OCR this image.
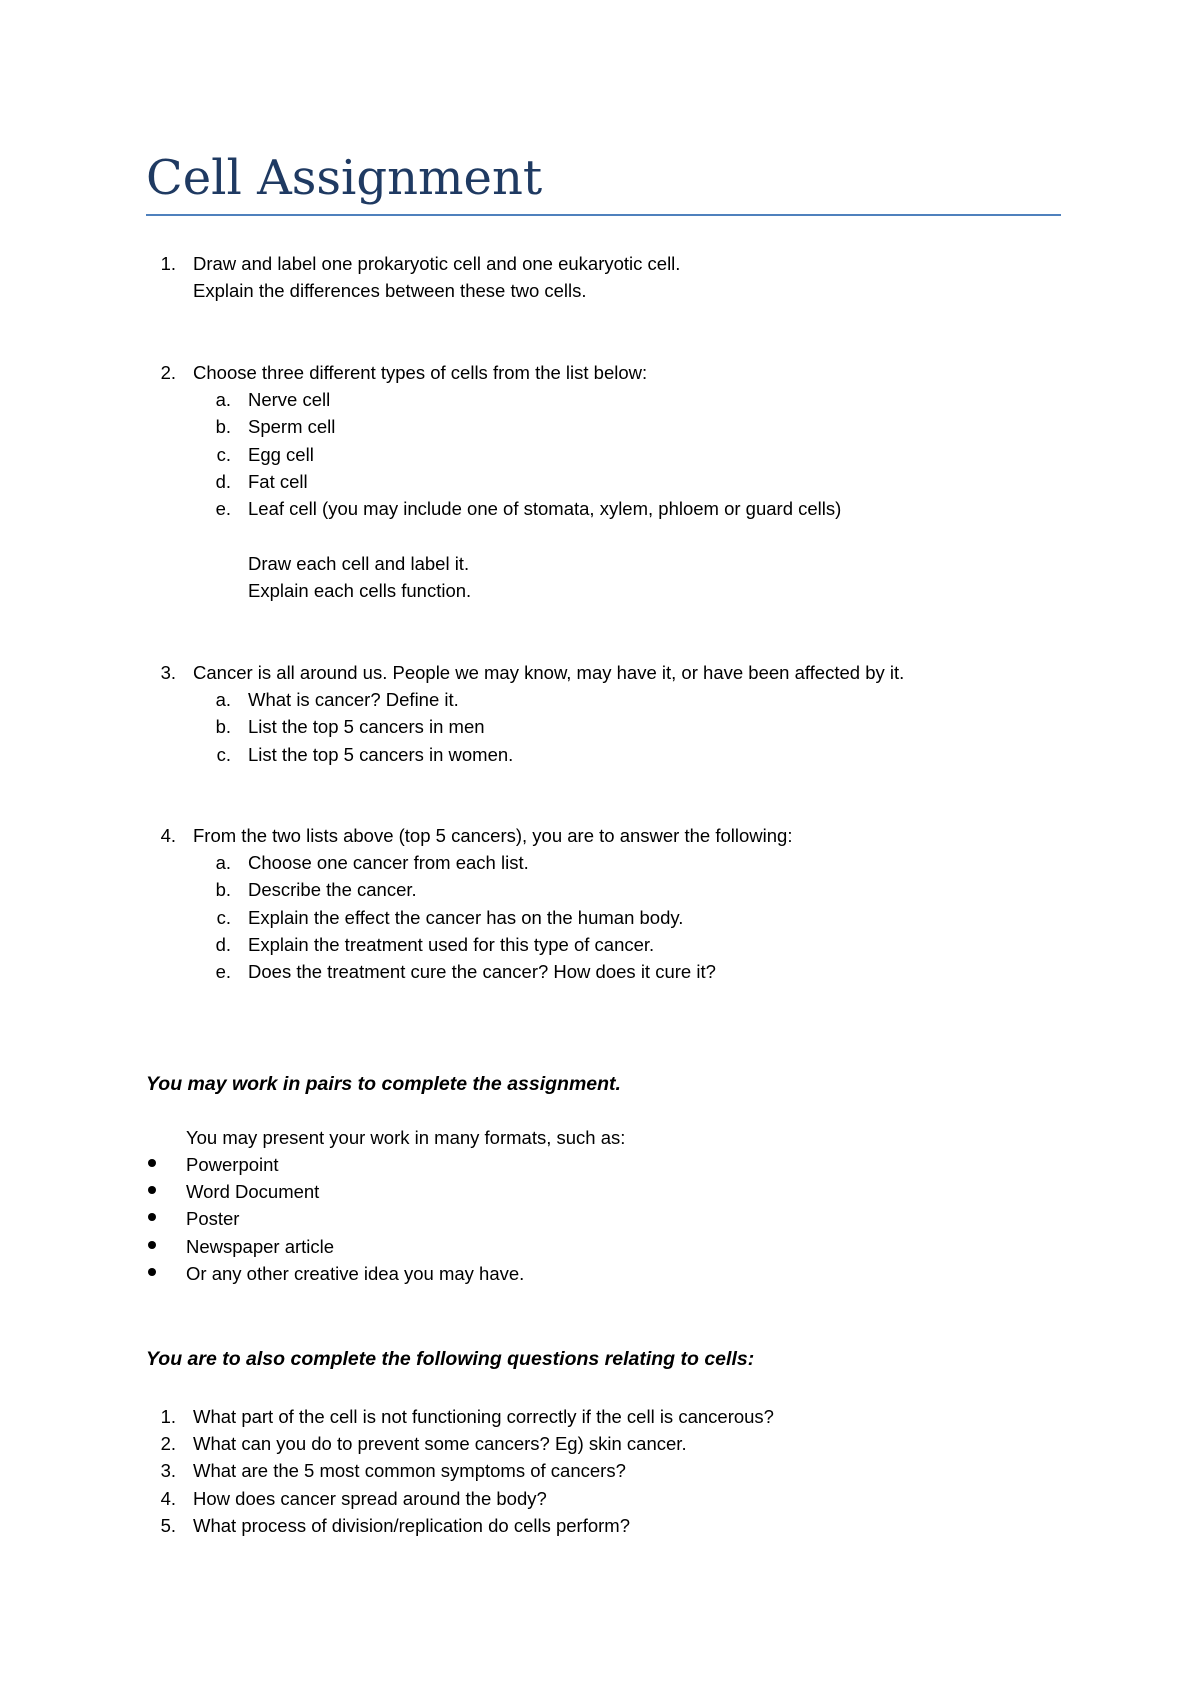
Cell Assignment
1. Draw and label one prokaryotic cell and one eukaryotic cell.
Explain the differences between these two cells.
2. Choose three different types of cells from the list below:
a. Nerve cell
b. Sperm cell
c. Egg cell
d. Fat cell
e. Leaf cell (you may include one of stomata, xylem, phloem or guard cells)
Draw each cell and label it.
Explain each cells function.
3. Cancer is all around us. People we may know, may have it, or have been affected by it.
a. What is cancer? Define it.
b. List the top 5 cancers in men
c. List the top 5 cancers in women.
4. From the two lists above (top 5 cancers), you are to answer the following:
a. Choose one cancer from each list.
b. Describe the cancer.
c. Explain the effect the cancer has on the human body.
d. Explain the treatment used for this type of cancer.
e. Does the treatment cure the cancer? How does it cure it?
You may work in pairs to complete the assignment.
You may present your work in many formats, such as:
Powerpoint
Word Document
Poster
Newspaper article
Or any other creative idea you may have.
You are to also complete the following questions relating to cells:
1. What part of the cell is not functioning correctly if the cell is cancerous?
2. What can you do to prevent some cancers? Eg) skin cancer.
3. What are the 5 most common symptoms of cancers?
4. How does cancer spread around the body?
5. What process of division/replication do cells perform?
